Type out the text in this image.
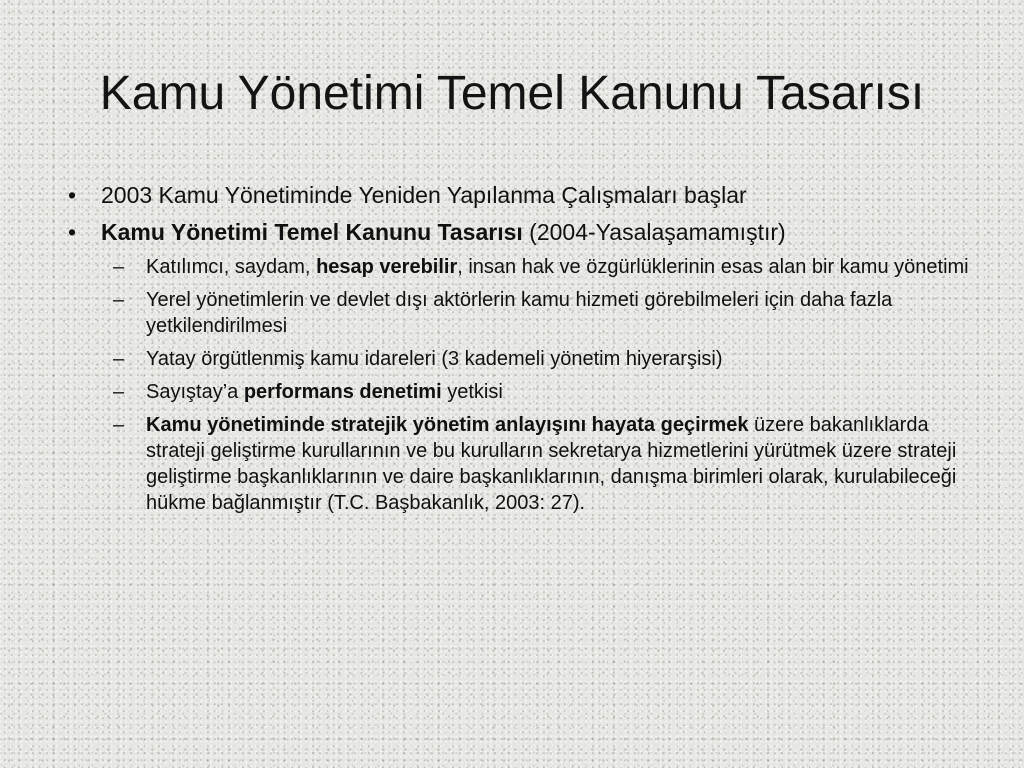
Kamu Yönetimi Temel Kanunu Tasarısı
• 2003 Kamu Yönetiminde Yeniden Yapılanma Çalışmaları başlar
• Kamu Yönetimi Temel Kanunu Tasarısı (2004-Yasalaşamamıştır)
– Katılımcı, saydam, hesap verebilir, insan hak ve özgürlüklerinin esas alan bir kamu yönetimi
– Yerel yönetimlerin ve devlet dışı aktörlerin kamu hizmeti görebilmeleri için daha fazla yetkilendirilmesi
– Yatay örgütlenmiş kamu idareleri (3 kademeli yönetim hiyerarşisi)
– Sayıştay’a performans denetimi yetkisi
– Kamu yönetiminde stratejik yönetim anlayışını hayata geçirmek üzere bakanlıklarda strateji geliştirme kurullarının ve bu kurulların sekretarya hizmetlerini yürütmek üzere strateji geliştirme başkanlıklarının ve daire başkanlıklarının, danışma birimleri olarak, kurulabileceği hükme bağlanmıştır (T.C. Başbakanlık, 2003: 27).
